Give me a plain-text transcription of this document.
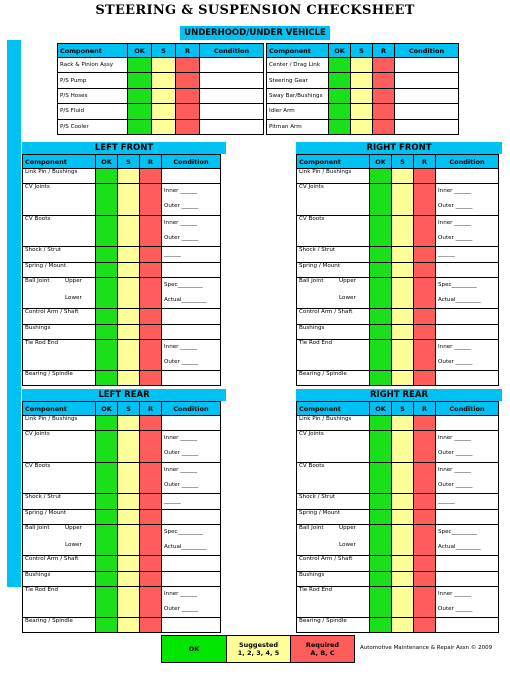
STEERING & SUSPENSION CHECKSHEET
UNDERHOOD/UNDER VEHICLE
Component	OK	S	R	Condition
Rack & Pinion Assy				
P/S Pump				
P/S Hoses				
P/S Fluid				
P/S Cooler				
Component	OK	S	R	Condition
Center / Drag Link				
Steering Gear				
Sway Bar/Bushings				
Idler Arm				
Pitman Arm				
LEFT FRONT	RIGHT FRONT
LEFT REAR	RIGHT REAR
Component	OK	S	R	Condition
Link Pin / Bushings				
CV Joints				Inner ______
Outer ______

CV Boots				Inner ______
Outer ______

Shock / Strut				______

Spring / Mount				
Ball Joint Upper
Lower				Spec_________
Actual_________

Control Arm / Shaft				
Bushings				
Tie Rod End				Inner ______
Outer ______

Bearing / Spindle				
Component	OK	S	R	Condition
Link Pin / Bushings				
CV Joints				Inner ______
Outer ______

CV Boots				Inner ______
Outer ______

Shock / Strut				______

Spring / Mount				
Ball Joint Upper
Lower				Spec_________
Actual_________

Control Arm / Shaft				
Bushings				
Tie Rod End				Inner ______
Outer ______

Bearing / Spindle				
Component	OK	S	R	Condition
Link Pin / Bushings				
CV Joints				Inner ______
Outer ______

CV Boots				Inner ______
Outer ______

Shock / Strut				______

Spring / Mount				
Ball Joint Upper
Lower				Spec_________
Actual_________

Control Arm / Shaft				
Bushings				
Tie Rod End				Inner ______
Outer ______

Bearing / Spindle				
Component	OK	S	R	Condition
Link Pin / Bushings				
CV Joints				Inner ______
Outer ______

CV Boots				Inner ______
Outer ______

Shock / Strut				______

Spring / Mount				
Ball Joint Upper
Lower				Spec_________
Actual_________

Control Arm / Shaft				
Bushings				
Tie Rod End				Inner ______
Outer ______

Bearing / Spindle				
OK	Suggested
1, 2, 3, 4, 5
Required
A, B, C
Automotive Maintenance & Repair Assn © 2009
